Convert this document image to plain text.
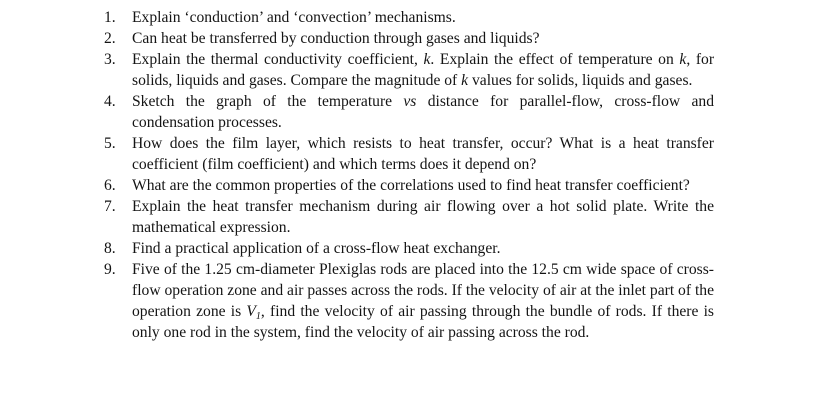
1.	Explain ‘conduction’ and ‘convection’ mechanisms.
2.	Can heat be transferred by conduction through gases and liquids?
3.	Explain the thermal conductivity coefficient, k. Explain the effect of temperature on k, for solids, liquids and gases. Compare the magnitude of k values for solids, liquids and gases.
4.	Sketch the graph of the temperature vs distance for parallel-flow, cross-flow and condensation processes.
5.	How does the film layer, which resists to heat transfer, occur? What is a heat transfer coefficient (film coefficient) and which terms does it depend on?
6.	What are the common properties of the correlations used to find heat transfer coefficient?
7.	Explain the heat transfer mechanism during air flowing over a hot solid plate. Write the mathematical expression.
8.	Find a practical application of a cross-flow heat exchanger.
9.	Five of the 1.25 cm-diameter Plexiglas rods are placed into the 12.5 cm wide space of cross-flow operation zone and air passes across the rods. If the velocity of air at the inlet part of the operation zone is $V_1$, find the velocity of air passing through the bundle of rods. If there is only one rod in the system, find the velocity of air passing across the rod.
